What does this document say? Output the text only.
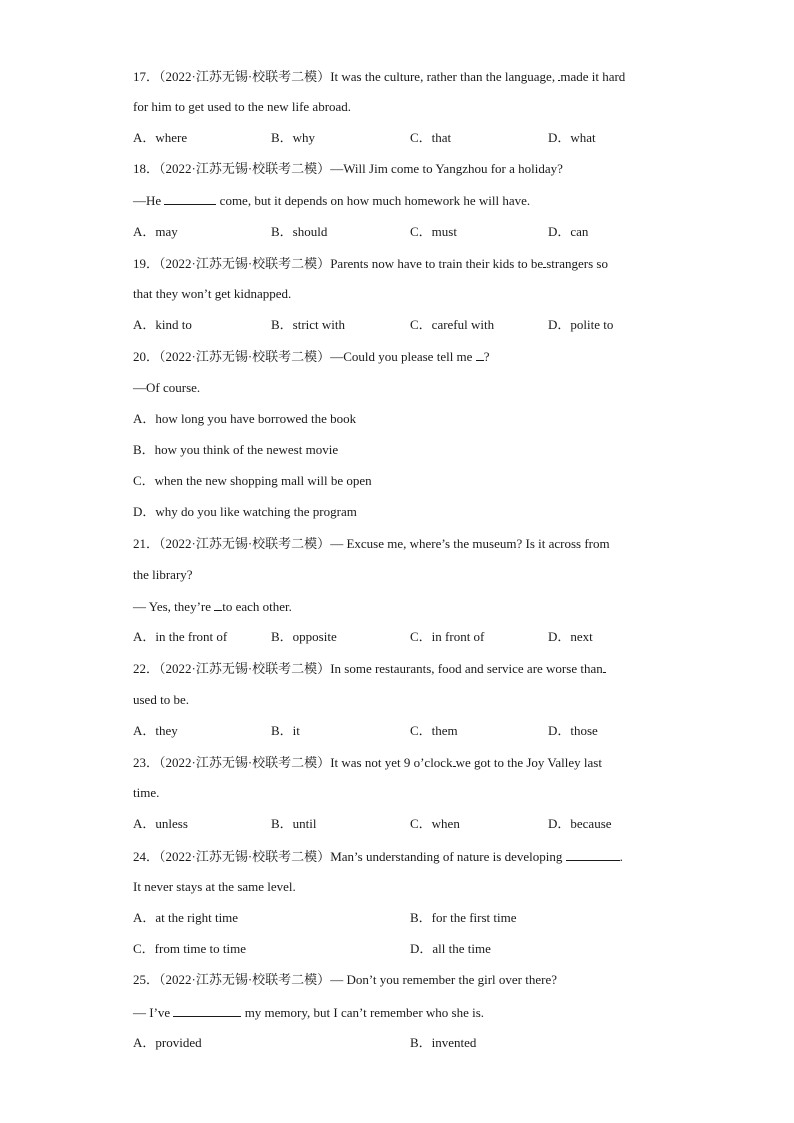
17．（2022·江苏无锡·校联考二模）It was the culture, rather than the language, made it hard
for him to get used to the new life abroad.
A．where	B．why	C．that	D．what
18．（2022·江苏无锡·校联考二模）—Will Jim come to Yangzhou for a holiday?
—He	come, but it depends on how much homework he will have.
A．may	B．should	C．must	D．can
19．（2022·江苏无锡·校联考二模）Parents now have to train their kids to be strangers so
that they won’t get kidnapped.
A．kind to	B．strict with	C．careful with	D．polite to
20．（2022·江苏无锡·校联考二模）—Could you please tell me ?
—Of course.
A．how long you have borrowed the book
B．how you think of the newest movie
C．when the new shopping mall will be open
D．why do you like watching the program
21．（2022·江苏无锡·校联考二模）— Excuse me, where’s the museum? Is it across from
the library?
— Yes, they’re to each other.
A．in the front of	B．opposite	C．in front of	D．next
22．（2022·江苏无锡·校联考二模）In some restaurants, food and service are worse than
used to be.
A．they	B．it	C．them	D．those
23．（2022·江苏无锡·校联考二模）It was not yet 9 o’clock we got to the Joy Valley last
time.
A．unless	B．until	C．when	D．because
24．（2022·江苏无锡·校联考二模）Man’s understanding of nature is developing	.
It never stays at the same level.
A．at the right time	B．for the first time
C．from time to time	D．all the time
25．（2022·江苏无锡·校联考二模）— Don’t you remember the girl over there?
— I’ve	my memory, but I can’t remember who she is.
A．provided	B．invented
